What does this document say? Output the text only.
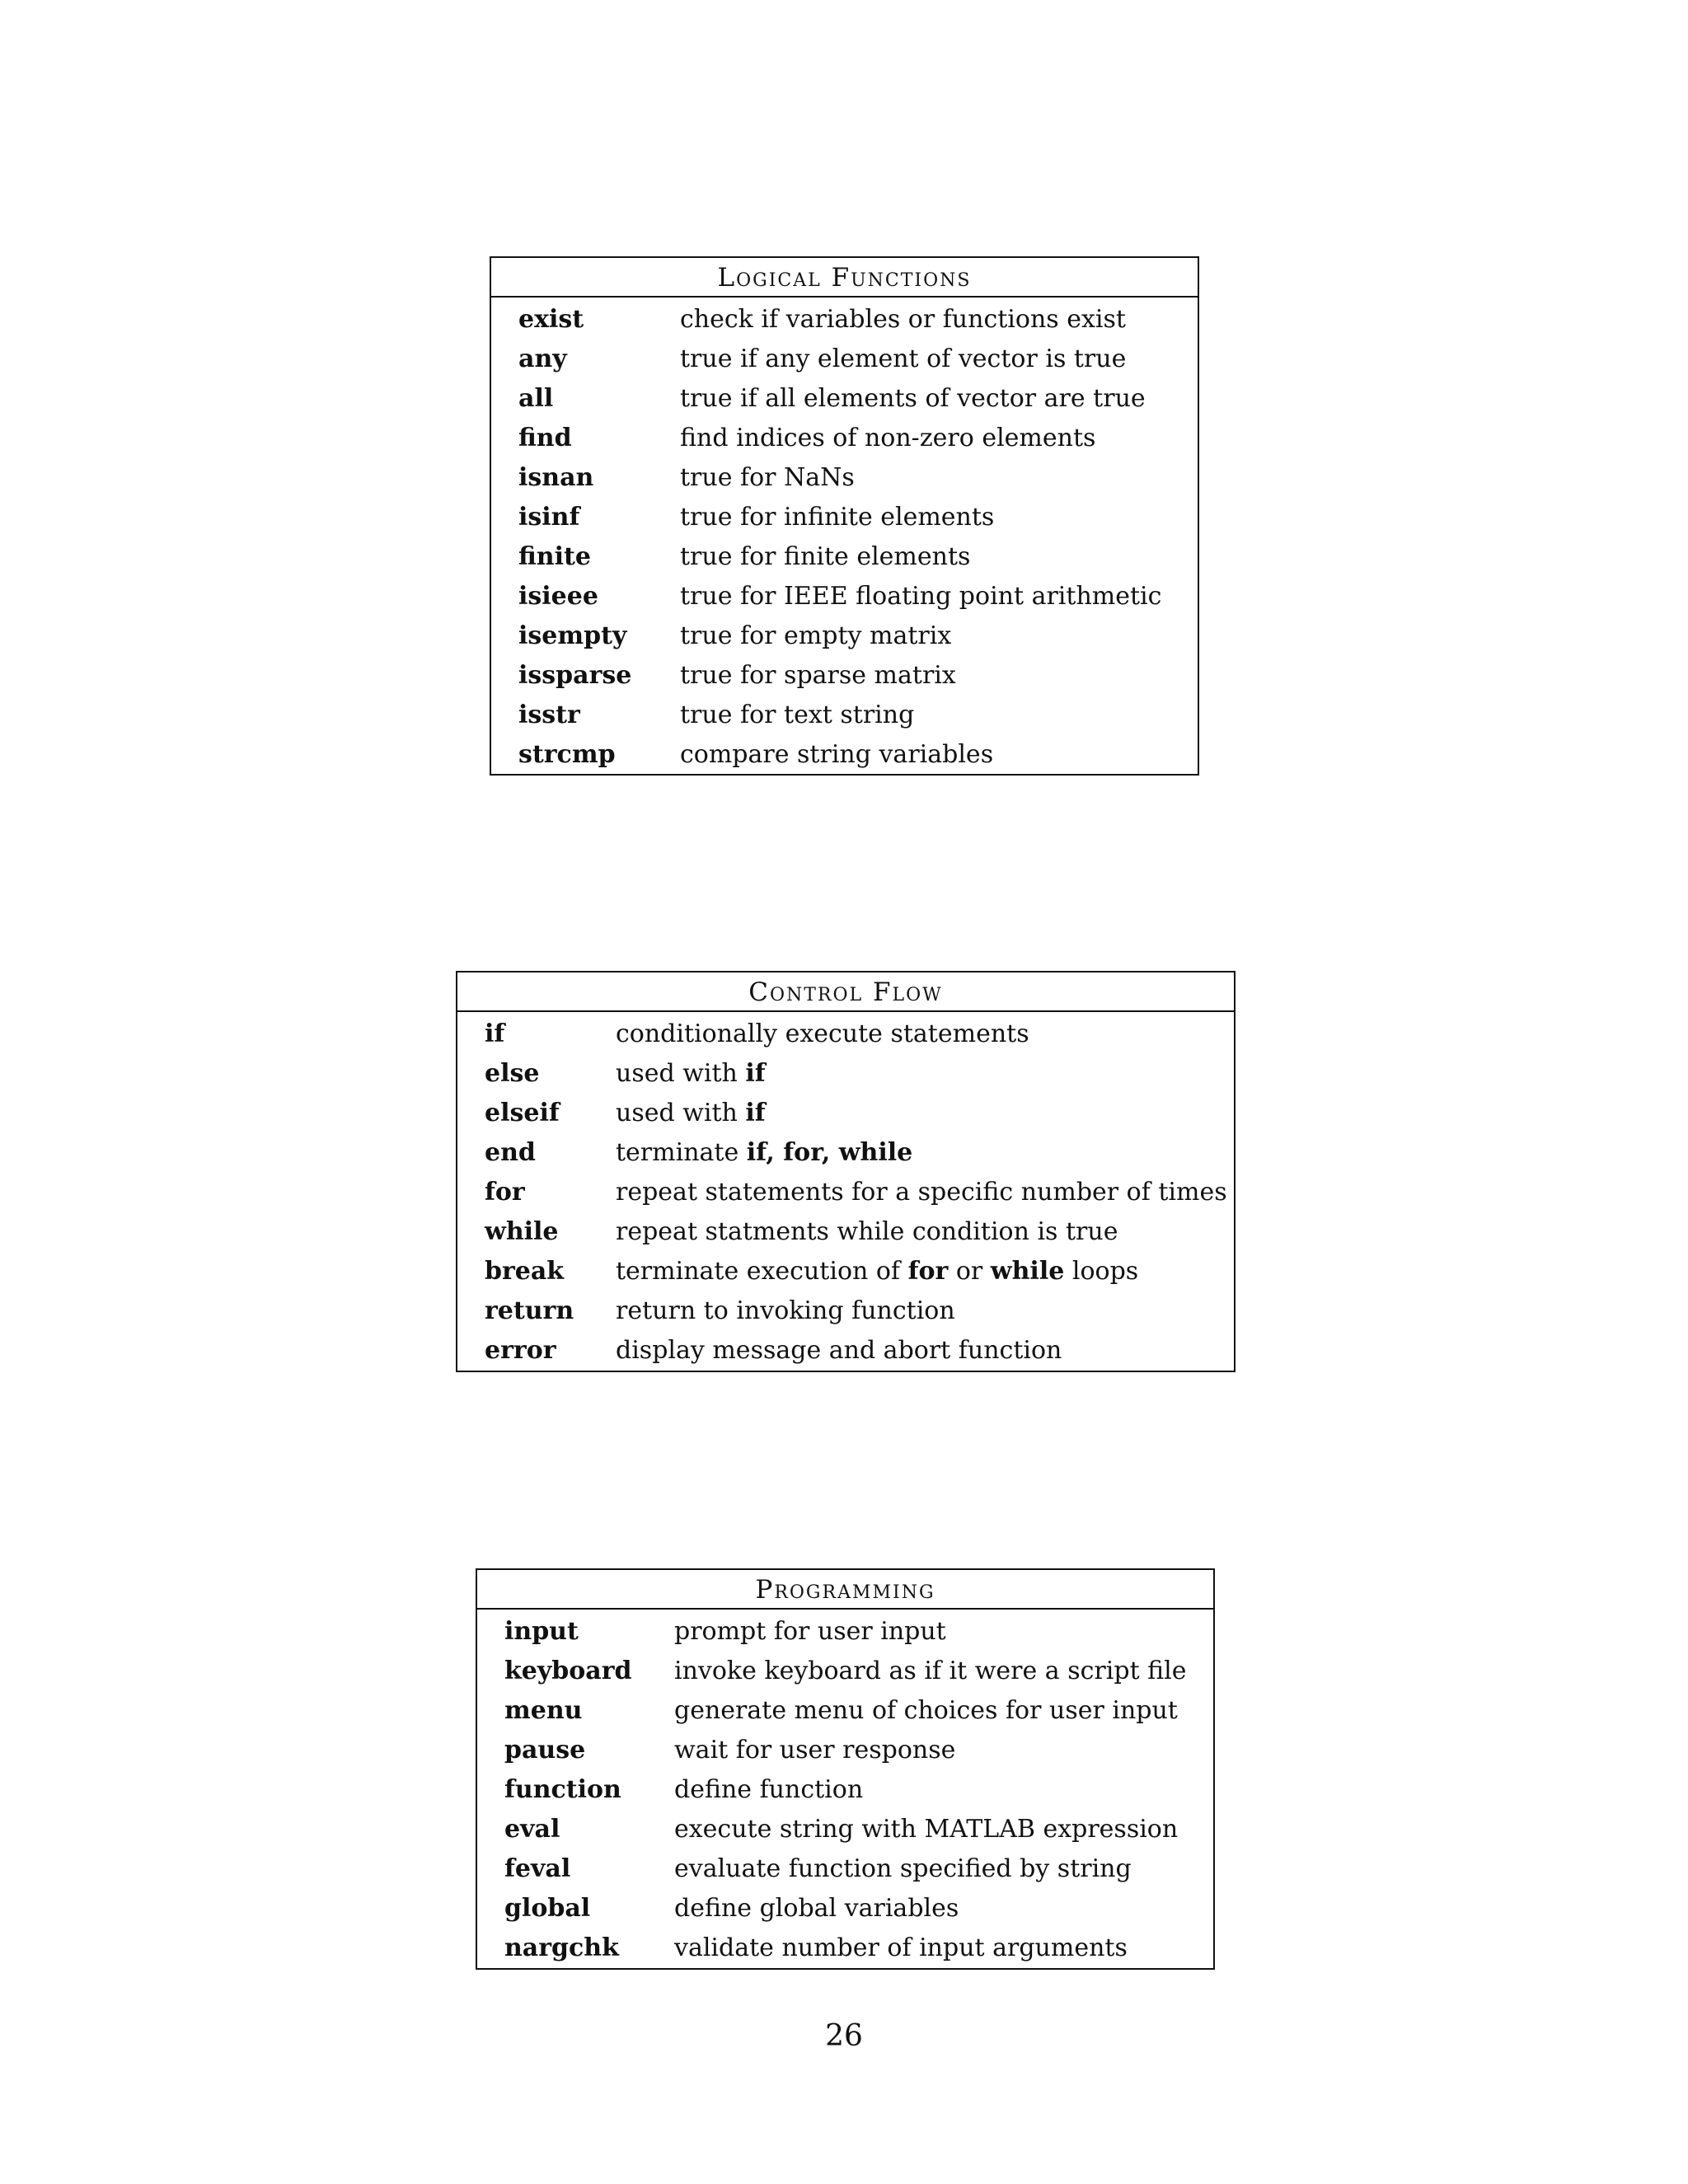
Logical Functions
exist	check if variables or functions exist
any	true if any element of vector is true
all	true if all elements of vector are true
find	find indices of non-zero elements
isnan	true for NaNs
isinf	true for infinite elements
finite	true for finite elements
isieee	true for IEEE floating point arithmetic
isempty	true for empty matrix
issparse	true for sparse matrix
isstr	true for text string
strcmp	compare string variables
Control Flow
if	conditionally execute statements
else	used with if
elseif	used with if
end	terminate if, for, while
for	repeat statements for a specific number of times
while	repeat statments while condition is true
break	terminate execution of for or while loops
return	return to invoking function
error	display message and abort function
Programming
input	prompt for user input
keyboard	invoke keyboard as if it were a script file
menu	generate menu of choices for user input
pause	wait for user response
function	define function
eval	execute string with MATLAB expression
feval	evaluate function specified by string
global	define global variables
nargchk	validate number of input arguments
26
